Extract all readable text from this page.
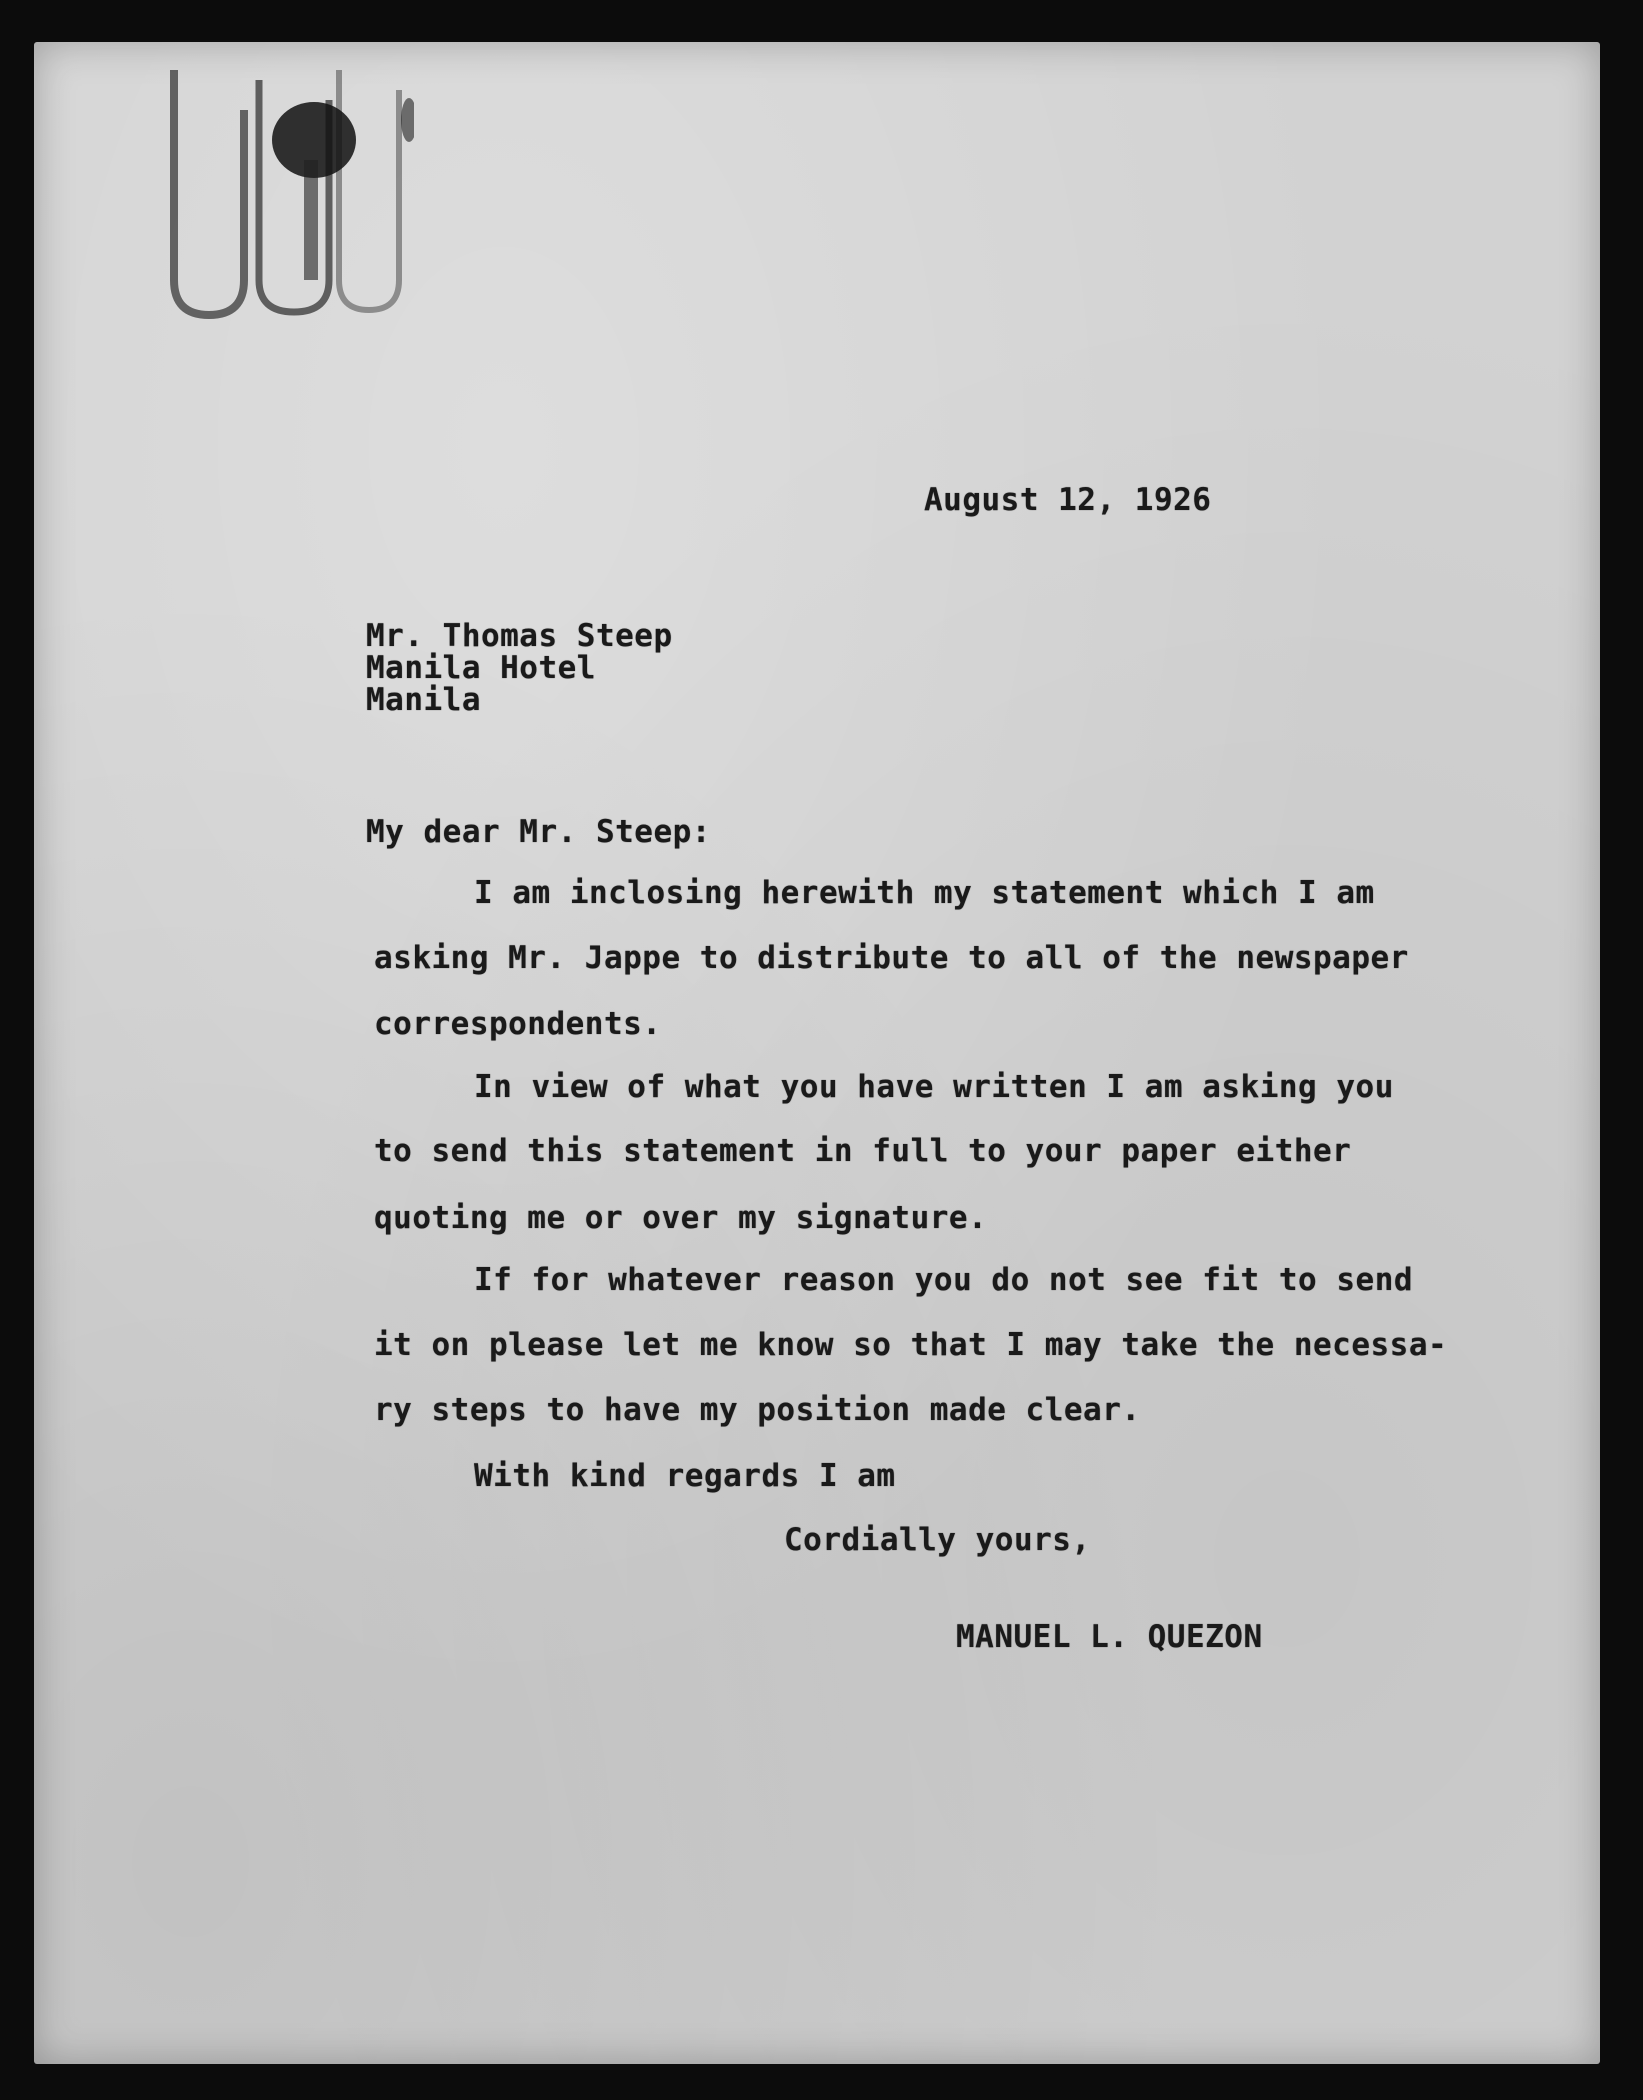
August 12, 1926
Mr. Thomas Steep
Manila Hotel
Manila
My dear Mr. Steep:
I am inclosing herewith my statement which I am
asking Mr. Jappe to distribute to all of the newspaper
correspondents.
In view of what you have written I am asking you
to send this statement in full to your paper either
quoting me or over my signature.
If for whatever reason you do not see fit to send
it on please let me know so that I may take the necessa-
ry steps to have my position made clear.
With kind regards I am
Cordially yours,
MANUEL L. QUEZON
